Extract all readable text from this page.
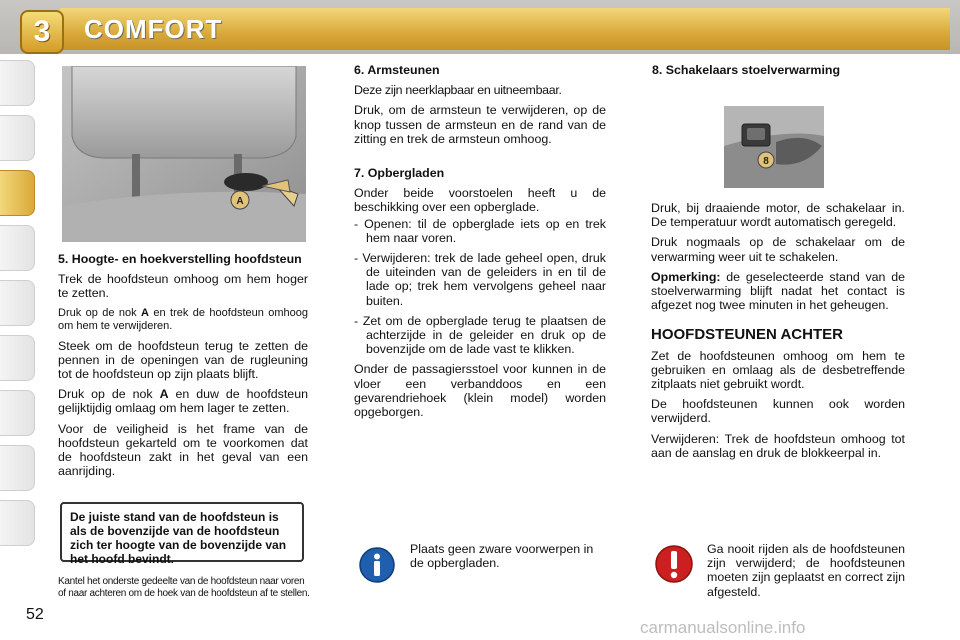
3	COMFORT
A

5. Hoogte- en hoekverstelling hoofdsteun

Trek de hoofdsteun omhoog om hem hoger te zetten.

Druk op de nok A en trek de hoofdsteun omhoog om hem te verwijderen.

Steek om de hoofdsteun terug te zetten de pennen in de openingen van de rugleuning tot de hoofdsteun op zijn plaats blijft.

Druk op de nok A en duw de hoofdsteun gelijktijdig omlaag om hem lager te zetten.

Voor de veiligheid is het frame van de hoofdsteun gekarteld om te voorkomen dat de hoofdsteun zakt in het geval van een aanrijding.

De juiste stand van de hoofdsteun is als de bovenzijde van de hoofdsteun zich ter hoogte van de bovenzijde van het hoofd bevindt.
Kantel het onderste gedeelte van de hoofdsteun naar voren of naar achteren om de hoek van de hoofdsteun af te stellen.

6. Armsteunen

Deze zijn neerklapbaar en uitneembaar.

Druk, om de armsteun te verwijderen, op de knop tussen de armsteun en de rand van de zitting en trek de armsteun omhoog.

7. Opbergladen

Onder beide voorstoelen heeft u de beschikking over een opberglade.

- Openen: til de opberglade iets op en trek hem naar voren.

- Verwijderen: trek de lade geheel open, druk de uiteinden van de geleiders in en til de lade op; trek hem vervolgens geheel naar buiten.

- Zet om de opberglade terug te plaatsen de achterzijde in de geleider en druk op de bovenzijde om de lade vast te klikken.

Onder de passagiersstoel voor kunnen in de vloer een verbanddoos en een gevarendriehoek (klein model) worden opgeborgen.

Plaats geen zware voorwerpen in de opbergladen.
8

8. Schakelaars stoelverwarming

Druk, bij draaiende motor, de schakelaar in. De temperatuur wordt automatisch geregeld.

Druk nogmaals op de schakelaar om de verwarming weer uit te schakelen.

Opmerking: de geselecteerde stand van de stoelverwarming blijft nadat het contact is afgezet nog twee minuten in het geheugen.

HOOFDSTEUNEN ACHTER

Zet de hoofdsteunen omhoog om hem te gebruiken en omlaag als de desbetreffende zitplaats niet gebruikt wordt.

De hoofdsteunen kunnen ook worden verwijderd.

Verwijderen: Trek de hoofdsteun omhoog tot aan de aanslag en druk de blokkeerpal in.

Ga nooit rijden als de hoofdsteunen zijn verwijderd; de hoofdsteunen moeten zijn geplaatst en correct zijn afgesteld.
52
carmanualsonline.info
